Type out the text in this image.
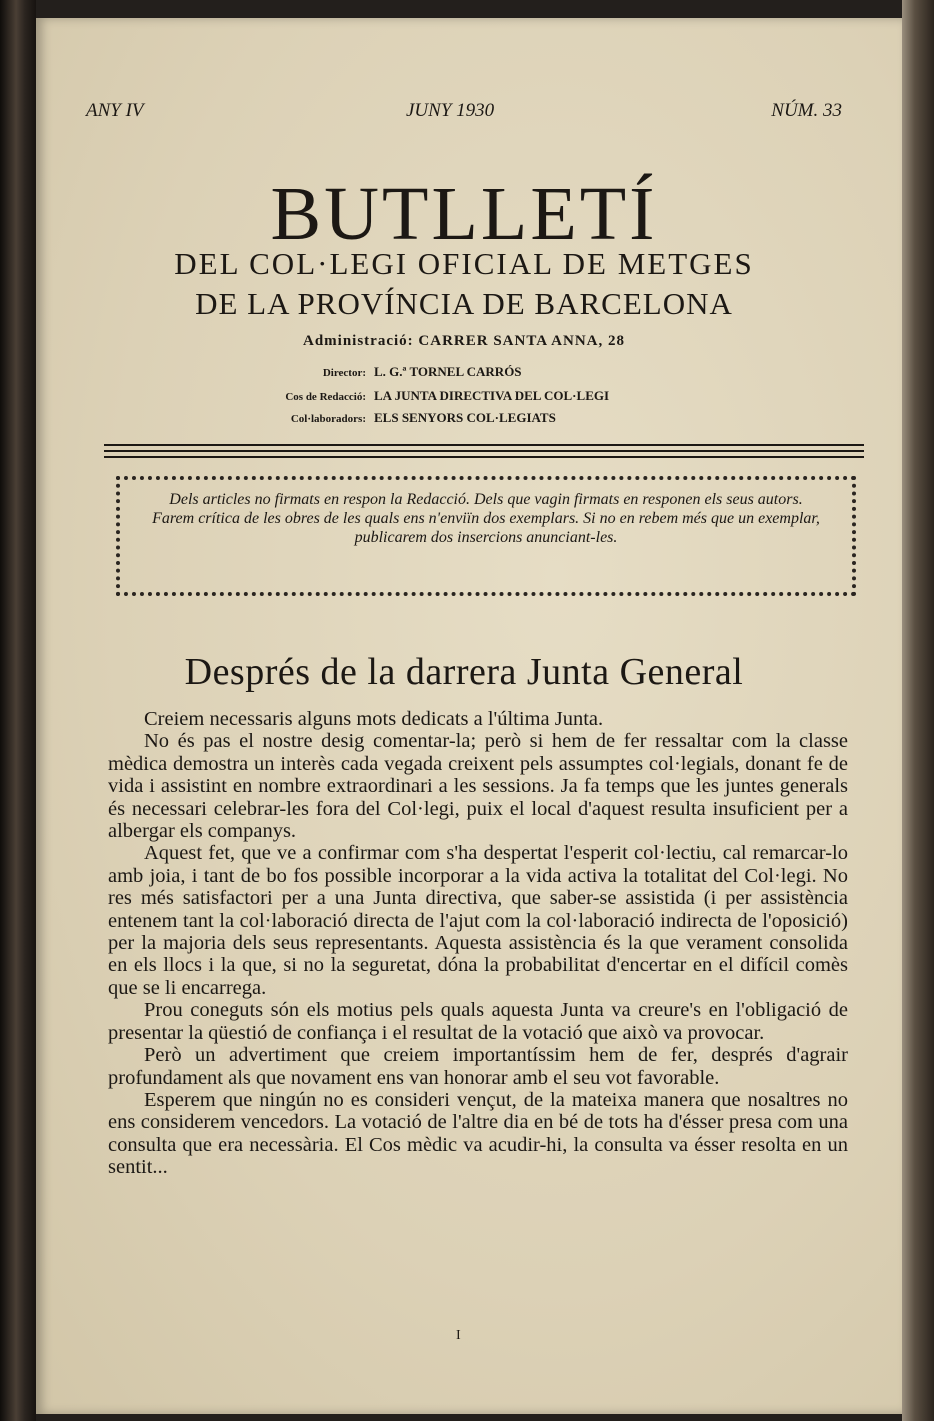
ANY IV	JUNY 1930	NÚM. 33
BUTLLETÍ
DEL COL·LEGI OFICIAL DE METGES
DE LA PROVÍNCIA DE BARCELONA
Administració: CARRER SANTA ANNA, 28
Director: L. G.ª TORNEL CARRÓS
Cos de Redacció: LA JUNTA DIRECTIVA DEL COL·LEGI
Col·laboradors: ELS SENYORS COL·LEGIATS
Dels articles no firmats en respon la Redacció. Dels que vagin firmats en responen els seus autors.
Farem crítica de les obres de les quals ens n'enviïn dos exemplars. Si no en rebem més que un exemplar, publicarem dos insercions anunciant-les.
Després de la darrera Junta General

Creiem necessaris alguns mots dedicats a l'última Junta.

No és pas el nostre desig comentar-la; però si hem de fer ressaltar com la classe mèdica demostra un interès cada vegada creixent pels assumptes col·legials, donant fe de vida i assistint en nombre extraordinari a les sessions. Ja fa temps que les juntes generals és necessari celebrar-les fora del Col·legi, puix el local d'aquest resulta insuficient per a albergar els companys.

Aquest fet, que ve a confirmar com s'ha despertat l'esperit col·lectiu, cal remarcar-lo amb joia, i tant de bo fos possible incorporar a la vida activa la totalitat del Col·legi. No res més satisfactori per a una Junta directiva, que saber-se assistida (i per assistència entenem tant la col·laboració directa de l'ajut com la col·laboració indirecta de l'oposició) per la majoria dels seus representants. Aquesta assistència és la que verament consolida en els llocs i la que, si no la seguretat, dóna la probabilitat d'encertar en el difícil comès que se li encarrega.

Prou coneguts són els motius pels quals aquesta Junta va creure's en l'obligació de presentar la qüestió de confiança i el resultat de la votació que això va provocar.

Però un advertiment que creiem importantíssim hem de fer, després d'agrair profundament als que novament ens van honorar amb el seu vot favorable.

Esperem que ningún no es consideri vençut, de la mateixa manera que nosaltres no ens considerem vencedors. La votació de l'altre dia en bé de tots ha d'ésser presa com una consulta que era necessària. El Cos mèdic va acudir-hi, la consulta va ésser resolta en un sentit...

I
